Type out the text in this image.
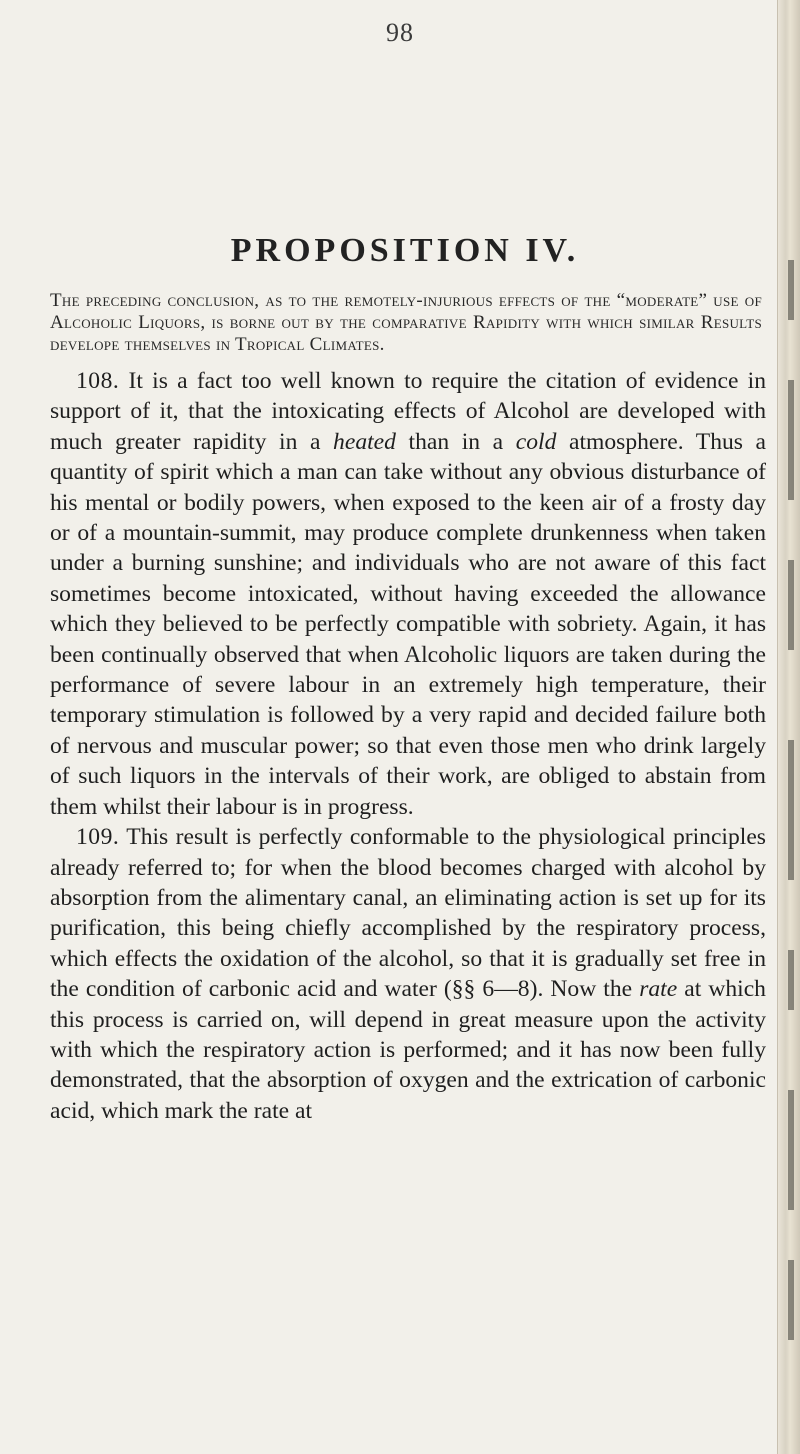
98
PROPOSITION IV.

The preceding conclusion, as to the remotely-injurious effects of the “moderate” use of Alcoholic Liquors, is borne out by the comparative Rapidity with which similar Results develope themselves in Tropical Climates.

108. It is a fact too well known to require the citation of evidence in support of it, that the intoxicating effects of Alcohol are developed with much greater rapidity in a heated than in a cold atmosphere. Thus a quantity of spirit which a man can take without any obvious disturbance of his mental or bodily powers, when exposed to the keen air of a frosty day or of a mountain-summit, may produce complete drunkenness when taken under a burning sunshine; and individuals who are not aware of this fact sometimes become intoxicated, without having exceeded the allowance which they believed to be perfectly compatible with sobriety. Again, it has been continually observed that when Alcoholic liquors are taken during the performance of severe labour in an extremely high temperature, their temporary stimulation is followed by a very rapid and decided failure both of nervous and muscular power; so that even those men who drink largely of such liquors in the intervals of their work, are obliged to abstain from them whilst their labour is in progress.

109. This result is perfectly conformable to the physiological principles already referred to; for when the blood becomes charged with alcohol by absorption from the alimentary canal, an eliminating action is set up for its purification, this being chiefly accomplished by the respiratory process, which effects the oxidation of the alcohol, so that it is gradually set free in the condition of carbonic acid and water (§§ 6—8). Now the rate at which this process is carried on, will depend in great measure upon the activity with which the respiratory action is performed; and it has now been fully demonstrated, that the absorption of oxygen and the extrication of carbonic acid, which mark the rate at
